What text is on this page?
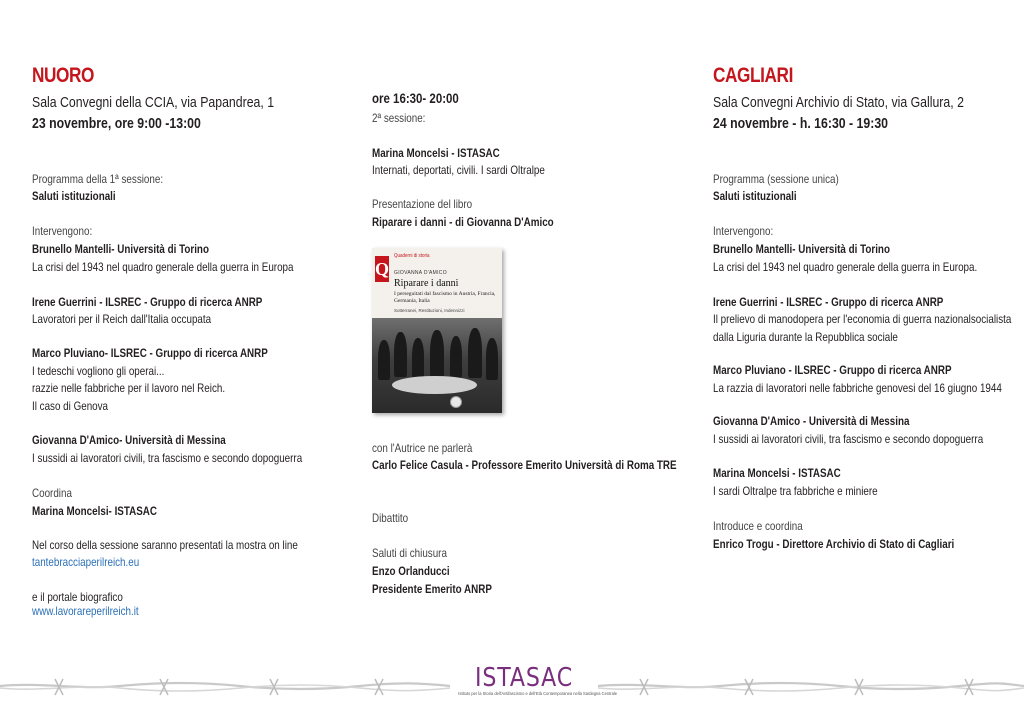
NUORO
Sala Convegni della CCIA, via Papandrea, 1
23 novembre, ore 9:00 -13:00
Programma della 1ª sessione:
Saluti istituzionali
Intervengono:
Brunello Mantelli- Università di Torino
La crisi del 1943 nel quadro generale della guerra in Europa
Irene Guerrini - ILSREC - Gruppo di ricerca ANRP
Lavoratori per il Reich dall'Italia occupata
Marco Pluviano- ILSREC - Gruppo di ricerca ANRP
I tedeschi vogliono gli operai...
razzie nelle fabbriche per il lavoro nel Reich.
Il caso di Genova
Giovanna D'Amico- Università di Messina
I sussidi ai lavoratori civili, tra fascismo e secondo dopoguerra
Coordina
Marina Moncelsi- ISTASAC
Nel corso della sessione saranno presentati la mostra on line
tantebracciaperilreich.eu
e il portale biografico
www.lavorareperilreich.it
ore 16:30- 20:00
2ª sessione:
Marina Moncelsi - ISTASAC
Internati, deportati, civili. I sardi Oltralpe
Presentazione del libro
Riparare i danni - di Giovanna D'Amico
Q
Quaderni di storia
GIOVANNA D'AMICO
Riparare i danni
I perseguitati dal fascismo in Austria, Francia, Germania, Italia
Sotterranei, Restituzioni, Indennizzi
con l'Autrice ne parlerà
Carlo Felice Casula - Professore Emerito Università di Roma TRE
Dibattito
Saluti di chiusura
Enzo Orlanducci
Presidente Emerito ANRP
CAGLIARI
Sala Convegni Archivio di Stato, via Gallura, 2
24 novembre - h. 16:30 - 19:30
Programma (sessione unica)
Saluti istituzionali
Intervengono:
Brunello Mantelli- Università di Torino
La crisi del 1943 nel quadro generale della guerra in Europa.
Irene Guerrini - ILSREC - Gruppo di ricerca ANRP
Il prelievo di manodopera per l'economia di guerra nazionalsocialista
dalla Liguria durante la Repubblica sociale
Marco Pluviano - ILSREC - Gruppo di ricerca ANRP
La razzia di lavoratori nelle fabbriche genovesi del 16 giugno 1944
Giovanna D'Amico - Università di Messina
I sussidi ai lavoratori civili, tra fascismo e secondo dopoguerra
Marina Moncelsi - ISTASAC
I sardi Oltralpe tra fabbriche e miniere
Introduce e coordina
Enrico Trogu - Direttore Archivio di Stato di Cagliari
ISTASAC
Istituto per la Storia dell'Antifascismo e dell'Età Contemporanea nella Sardegna Centrale
